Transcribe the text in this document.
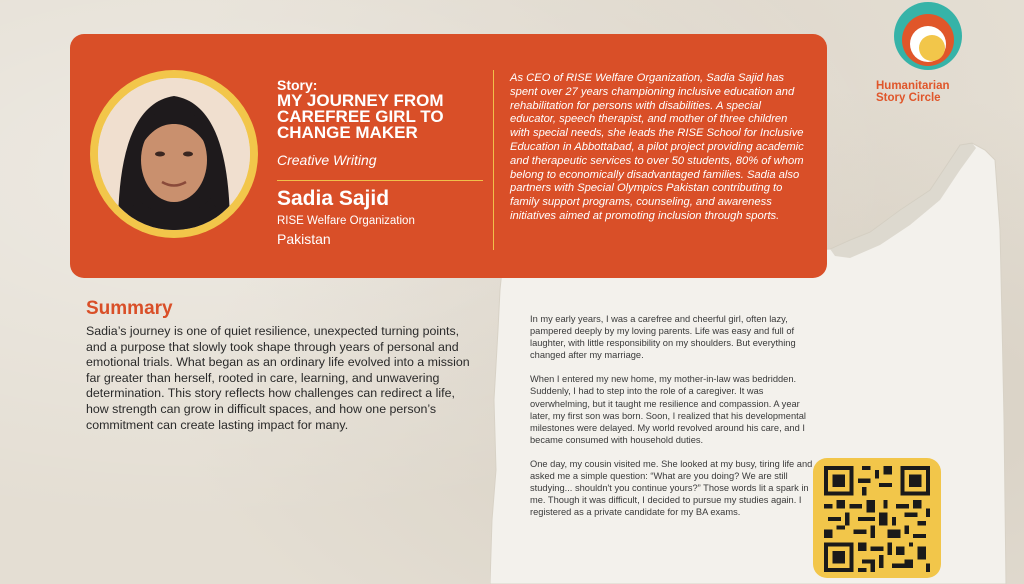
Humanitarian
Story Circle
Story:
MY JOURNEY FROM CAREFREE GIRL TO CHANGE MAKER
Creative Writing
Sadia Sajid
RISE Welfare Organization
Pakistan
As CEO of RISE Welfare Organization, Sadia Sajid has spent over 27 years championing inclusive education and rehabilitation for persons with disabilities. A special educator, speech therapist, and mother of three children with special needs, she leads the RISE School for Inclusive Education in Abbottabad, a pilot project providing academic and therapeutic services to over 50 students, 80% of whom belong to economically disadvantaged families. Sadia also partners with Special Olympics Pakistan contributing to family support programs, counseling, and awareness initiatives aimed at promoting inclusion through sports.
Summary
Sadia’s journey is one of quiet resilience, unexpected turning points, and a purpose that slowly took shape through years of personal and emotional trials. What began as an ordinary life evolved into a mission far greater than herself, rooted in care, learning, and unwavering determination. This story reflects how challenges can redirect a life, how strength can grow in difficult spaces, and how one person’s commitment can create lasting impact for many.

In my early years, I was a carefree and cheerful girl, often lazy, pampered deeply by my loving parents. Life was easy and full of laughter, with little responsibility on my shoulders. But everything changed after my marriage.

When I entered my new home, my mother-in-law was bedridden. Suddenly, I had to step into the role of a caregiver. It was overwhelming, but it taught me resilience and compassion. A year later, my first son was born. Soon, I realized that his developmental milestones were delayed. My world revolved around his care, and I became consumed with household duties.

One day, my cousin visited me. She looked at my busy, tiring life and asked me a simple question: “What are you doing? We are still studying... shouldn't you continue yours?” Those words lit a spark in me. Though it was difficult, I decided to pursue my studies again. I registered as a private candidate for my BA exams.
